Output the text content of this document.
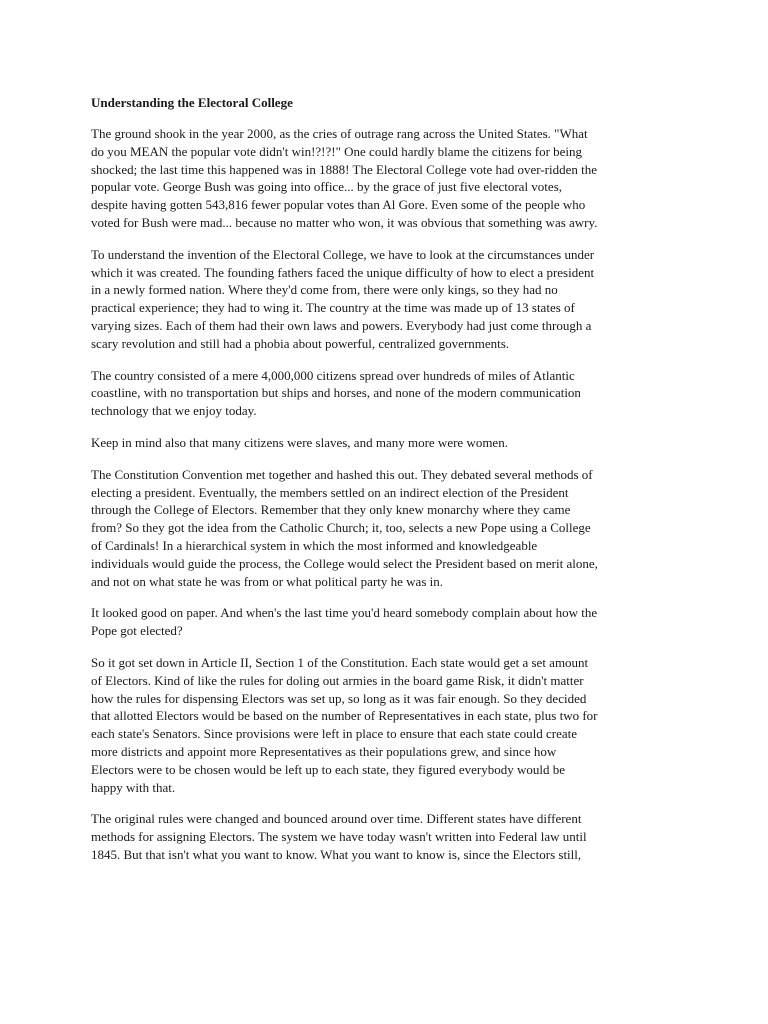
Understanding the Electoral College
The ground shook in the year 2000, as the cries of outrage rang across the United States. "What
do you MEAN the popular vote didn't win!?!?!" One could hardly blame the citizens for being
shocked; the last time this happened was in 1888! The Electoral College vote had over-ridden the
popular vote. George Bush was going into office... by the grace of just five electoral votes,
despite having gotten 543,816 fewer popular votes than Al Gore. Even some of the people who
voted for Bush were mad... because no matter who won, it was obvious that something was awry.
To understand the invention of the Electoral College, we have to look at the circumstances under
which it was created. The founding fathers faced the unique difficulty of how to elect a president
in a newly formed nation. Where they'd come from, there were only kings, so they had no
practical experience; they had to wing it. The country at the time was made up of 13 states of
varying sizes. Each of them had their own laws and powers. Everybody had just come through a
scary revolution and still had a phobia about powerful, centralized governments.
The country consisted of a mere 4,000,000 citizens spread over hundreds of miles of Atlantic
coastline, with no transportation but ships and horses, and none of the modern communication
technology that we enjoy today.
Keep in mind also that many citizens were slaves, and many more were women.
The Constitution Convention met together and hashed this out. They debated several methods of
electing a president. Eventually, the members settled on an indirect election of the President
through the College of Electors. Remember that they only knew monarchy where they came
from? So they got the idea from the Catholic Church; it, too, selects a new Pope using a College
of Cardinals! In a hierarchical system in which the most informed and knowledgeable
individuals would guide the process, the College would select the President based on merit alone,
and not on what state he was from or what political party he was in.
It looked good on paper. And when's the last time you'd heard somebody complain about how the
Pope got elected?
So it got set down in Article II, Section 1 of the Constitution. Each state would get a set amount
of Electors. Kind of like the rules for doling out armies in the board game Risk, it didn't matter
how the rules for dispensing Electors was set up, so long as it was fair enough. So they decided
that allotted Electors would be based on the number of Representatives in each state, plus two for
each state's Senators. Since provisions were left in place to ensure that each state could create
more districts and appoint more Representatives as their populations grew, and since how
Electors were to be chosen would be left up to each state, they figured everybody would be
happy with that.
The original rules were changed and bounced around over time. Different states have different
methods for assigning Electors. The system we have today wasn't written into Federal law until
1845. But that isn't what you want to know. What you want to know is, since the Electors still,
